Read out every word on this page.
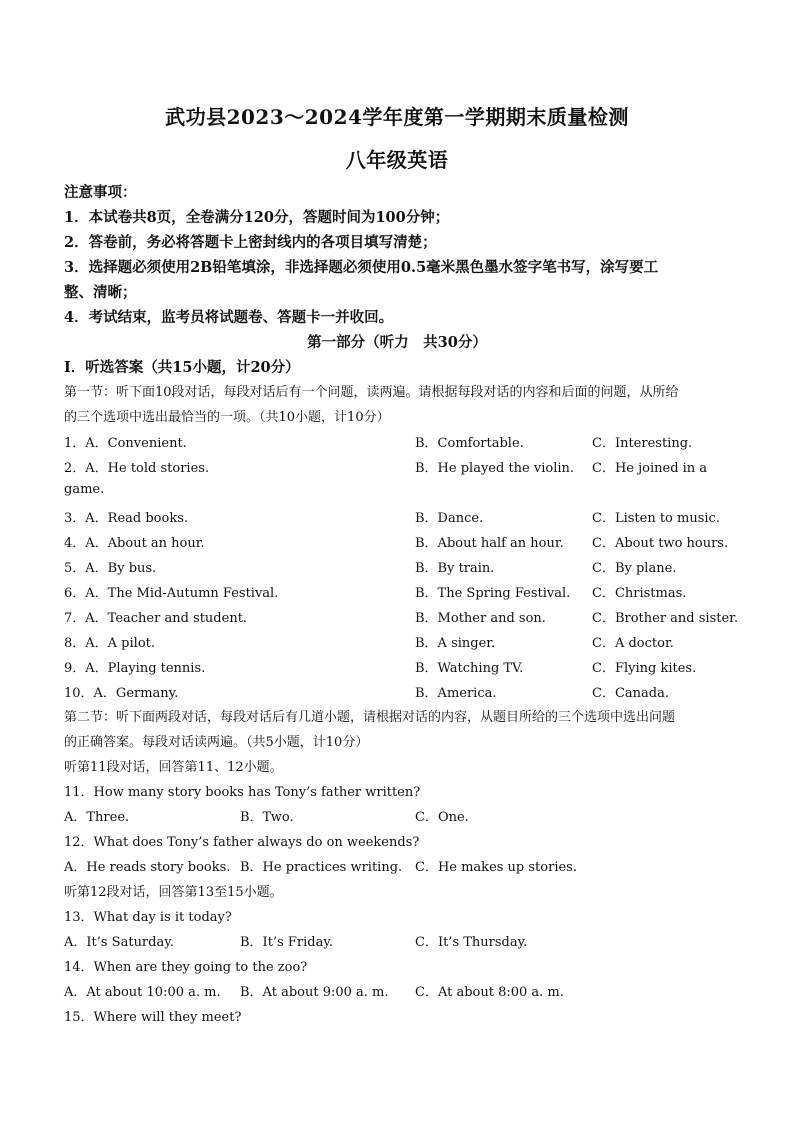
武功县2023～2024学年度第一学期期末质量检测
八年级英语
注意事项：
1．本试卷共8页，全卷满分120分，答题时间为100分钟；
2．答卷前，务必将答题卡上密封线内的各项目填写清楚；
3．选择题必须使用2B铅笔填涂，非选择题必须使用0.5毫米黑色墨水签字笔书写，涂写要工
整、清晰；
4．考试结束，监考员将试题卷、答题卡一并收回。
第一部分（听力　共30分）
Ⅰ．听选答案（共15小题，计20分）
第一节：听下面10段对话，每段对话后有一个问题，读两遍。请根据每段对话的内容和后面的问题，从所给
的三个选项中选出最恰当的一项。（共10小题，计10分）
1．A．Convenient.	B．Comfortable.	C．Interesting.
2．A．He told stories.	B．He played the violin. C．He joined in a
game.
3．A．Read books.	B．Dance.	C．Listen to music.
4．A．About an hour.	B．About half an hour. C．About two hours.
5．A．By bus.	B．By train.	C．By plane.
6．A．The Mid-Autumn Festival.	B．The Spring Festival. C．Christmas.
7．A．Teacher and student.	B．Mother and son.	C．Brother and sister.
8．A．A pilot.	B．A singer.	C．A doctor.
9．A．Playing tennis.	B．Watching TV.	C．Flying kites.
10．A．Germany.	B．America.	C．Canada.
第二节：听下面两段对话，每段对话后有几道小题，请根据对话的内容，从题目所给的三个选项中选出问题
的正确答案。每段对话读两遍。（共5小题，计10分）
听第11段对话，回答第11、12小题。
11．How many story books has Tony’s father written?
A．Three.	B．Two.	C．One.
12．What does Tony’s father always do on weekends?
A．He reads story books. B．He practices writing. C．He makes up stories.
听第12段对话，回答第13至15小题。
13．What day is it today?
A．It’s Saturday.	B．It’s Friday.	C．It’s Thursday.
14．When are they going to the zoo?
A．At about 10:00 a. m. B．At about 9:00 a. m. C．At about 8:00 a. m.
15．Where will they meet?
